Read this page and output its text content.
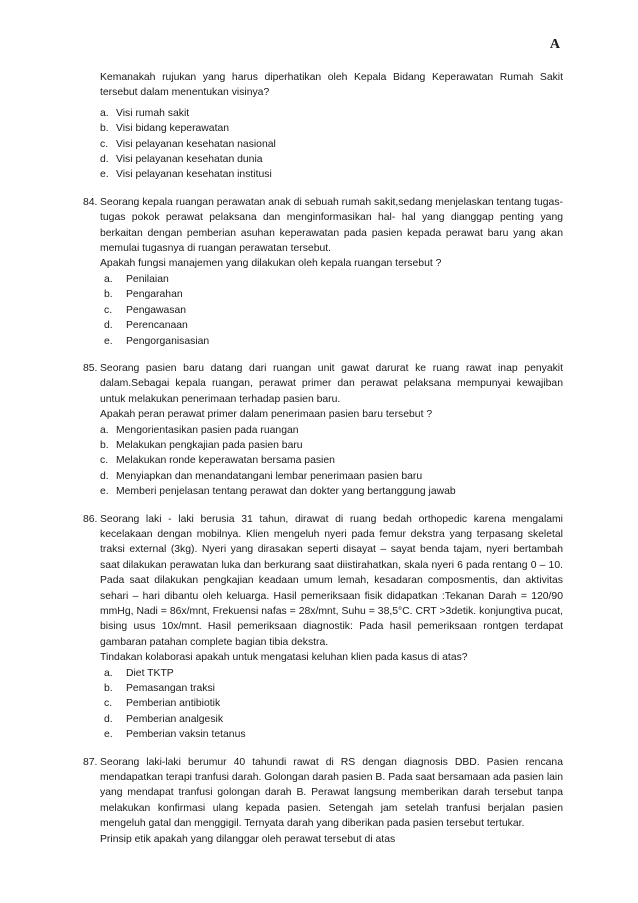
A
Kemanakah rujukan yang harus diperhatikan oleh Kepala Bidang Keperawatan Rumah Sakit tersebut dalam menentukan visinya?
a. Visi rumah sakit
b. Visi bidang keperawatan
c. Visi pelayanan kesehatan nasional
d. Visi pelayanan kesehatan dunia
e. Visi pelayanan kesehatan institusi
84. Seorang kepala ruangan perawatan anak di sebuah rumah sakit,sedang menjelaskan tentang tugas-tugas pokok perawat pelaksana dan menginformasikan hal- hal yang dianggap penting yang berkaitan dengan pemberian asuhan keperawatan pada pasien kepada perawat baru yang akan memulai tugasnya di ruangan perawatan tersebut.
Apakah fungsi manajemen yang dilakukan oleh kepala ruangan tersebut ?
a. Penilaian
b. Pengarahan
c. Pengawasan
d. Perencanaan
e. Pengorganisasian
85. Seorang pasien baru datang dari ruangan unit gawat darurat ke ruang rawat inap penyakit dalam.Sebagai kepala ruangan, perawat primer dan perawat pelaksana mempunyai kewajiban untuk melakukan penerimaan terhadap pasien baru.
Apakah peran perawat primer dalam penerimaan pasien baru tersebut ?
a. Mengorientasikan pasien pada ruangan
b. Melakukan pengkajian pada pasien baru
c. Melakukan ronde keperawatan bersama pasien
d. Menyiapkan dan menandatangani lembar penerimaan pasien baru
e. Memberi penjelasan tentang perawat dan dokter yang bertanggung jawab
86. Seorang laki - laki berusia 31 tahun, dirawat di ruang bedah orthopedic karena mengalami kecelakaan dengan mobilnya. Klien mengeluh nyeri pada femur dekstra yang terpasang skeletal traksi external (3kg). Nyeri yang dirasakan seperti disayat – sayat benda tajam, nyeri bertambah saat dilakukan perawatan luka dan berkurang saat diistirahatkan, skala nyeri 6 pada rentang 0 – 10. Pada saat dilakukan pengkajian keadaan umum lemah, kesadaran composmentis, dan aktivitas sehari – hari dibantu oleh keluarga. Hasil pemeriksaan fisik didapatkan :Tekanan Darah = 120/90 mmHg, Nadi = 86x/mnt, Frekuensi nafas = 28x/mnt, Suhu = 38,5°C. CRT >3detik. konjungtiva pucat, bising usus 10x/mnt. Hasil pemeriksaan diagnostik: Pada hasil pemeriksaan rontgen terdapat gambaran patahan complete bagian tibia dekstra.
Tindakan kolaborasi apakah untuk mengatasi keluhan klien pada kasus di atas?
a. Diet TKTP
b. Pemasangan traksi
c. Pemberian antibiotik
d. Pemberian analgesik
e. Pemberian vaksin tetanus
87. Seorang laki-laki berumur 40 tahundi rawat di RS dengan diagnosis DBD. Pasien rencana mendapatkan terapi tranfusi darah. Golongan darah pasien B. Pada saat bersamaan ada pasien lain yang mendapat tranfusi golongan darah B. Perawat langsung memberikan darah tersebut tanpa melakukan konfirmasi ulang kepada pasien. Setengah jam setelah tranfusi berjalan pasien mengeluh gatal dan menggigil. Ternyata darah yang diberikan pada pasien tersebut tertukar.
Prinsip etik apakah yang dilanggar oleh perawat tersebut di atas
